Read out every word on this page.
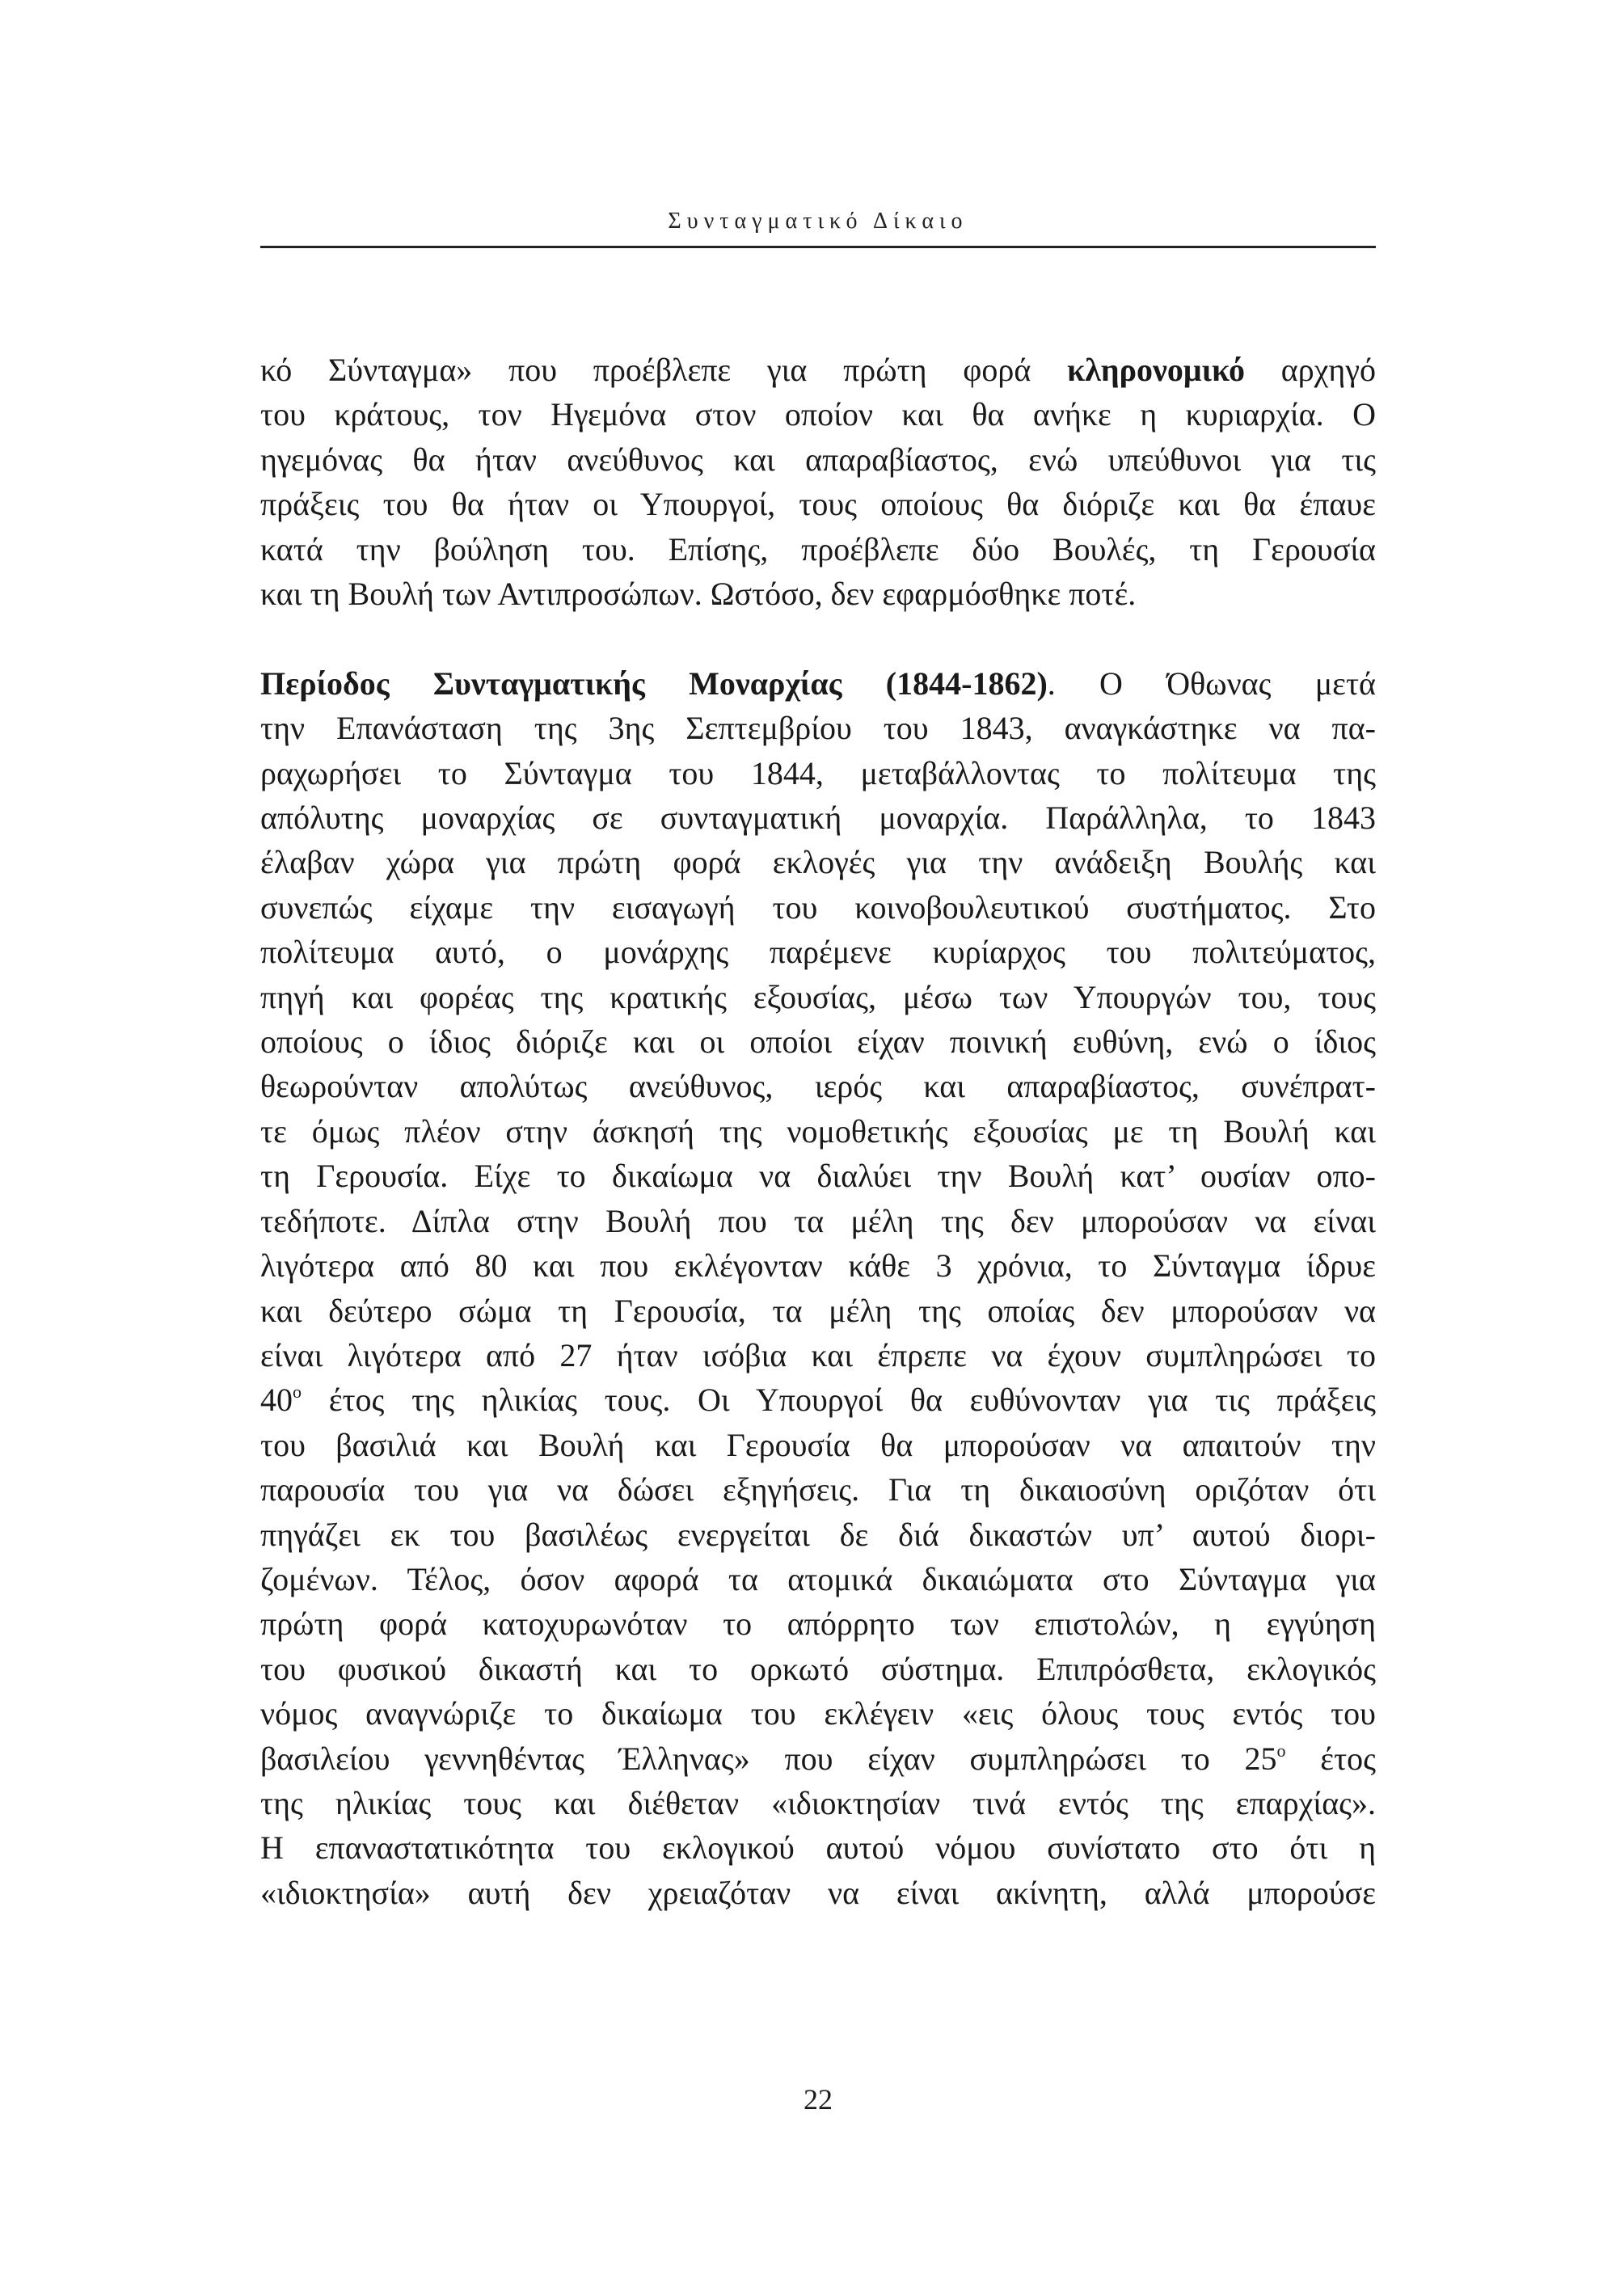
Συνταγματικό Δίκαιο
κό Σύνταγμα» που προέβλεπε για πρώτη φορά κληρονομικό αρχηγό
του κράτους, τον Ηγεμόνα στον οποίον και θα ανήκε η κυριαρχία. Ο
ηγεμόνας θα ήταν ανεύθυνος και απαραβίαστος, ενώ υπεύθυνοι για τις
πράξεις του θα ήταν οι Υπουργοί, τους οποίους θα διόριζε και θα έπαυε
κατά την βούληση του. Επίσης, προέβλεπε δύο Βουλές, τη Γερουσία
και τη Βουλή των Αντιπροσώπων. Ωστόσο, δεν εφαρμόσθηκε ποτέ.
Περίοδος Συνταγματικής Μοναρχίας (1844-1862). Ο Όθωνας μετά
την Επανάσταση της 3ης Σεπτεμβρίου του 1843, αναγκάστηκε να πα-
ραχωρήσει το Σύνταγμα του 1844, μεταβάλλοντας το πολίτευμα της
απόλυτης μοναρχίας σε συνταγματική μοναρχία. Παράλληλα, το 1843
έλαβαν χώρα για πρώτη φορά εκλογές για την ανάδειξη Βουλής και
συνεπώς είχαμε την εισαγωγή του κοινοβουλευτικού συστήματος. Στο
πολίτευμα αυτό, ο μονάρχης παρέμενε κυρίαρχος του πολιτεύματος,
πηγή και φορέας της κρατικής εξουσίας, μέσω των Υπουργών του, τους
οποίους ο ίδιος διόριζε και οι οποίοι είχαν ποινική ευθύνη, ενώ ο ίδιος
θεωρούνταν απολύτως ανεύθυνος, ιερός και απαραβίαστος, συνέπρατ-
τε όμως πλέον στην άσκησή της νομοθετικής εξουσίας με τη Βουλή και
τη Γερουσία. Είχε το δικαίωμα να διαλύει την Βουλή κατ’ ουσίαν οπο-
τεδήποτε. Δίπλα στην Βουλή που τα μέλη της δεν μπορούσαν να είναι
λιγότερα από 80 και που εκλέγονταν κάθε 3 χρόνια, το Σύνταγμα ίδρυε
και δεύτερο σώμα τη Γερουσία, τα μέλη της οποίας δεν μπορούσαν να
είναι λιγότερα από 27 ήταν ισόβια και έπρεπε να έχουν συμπληρώσει το
$40^o$ έτος της ηλικίας τους. Οι Υπουργοί θα ευθύνονταν για τις πράξεις
του βασιλιά και Βουλή και Γερουσία θα μπορούσαν να απαιτούν την
παρουσία του για να δώσει εξηγήσεις. Για τη δικαιοσύνη οριζόταν ότι
πηγάζει εκ του βασιλέως ενεργείται δε διά δικαστών υπ’ αυτού διορι-
ζομένων. Τέλος, όσον αφορά τα ατομικά δικαιώματα στο Σύνταγμα για
πρώτη φορά κατοχυρωνόταν το απόρρητο των επιστολών, η εγγύηση
του φυσικού δικαστή και το ορκωτό σύστημα. Επιπρόσθετα, εκλογικός
νόμος αναγνώριζε το δικαίωμα του εκλέγειν «εις όλους τους εντός του
βασιλείου γεννηθέντας Έλληνας» που είχαν συμπληρώσει το $25^o$ έτος
της ηλικίας τους και διέθεταν «ιδιοκτησίαν τινά εντός της επαρχίας».
Η επαναστατικότητα του εκλογικού αυτού νόμου συνίστατο στο ότι η
«ιδιοκτησία» αυτή δεν χρειαζόταν να είναι ακίνητη, αλλά μπορούσε
22
